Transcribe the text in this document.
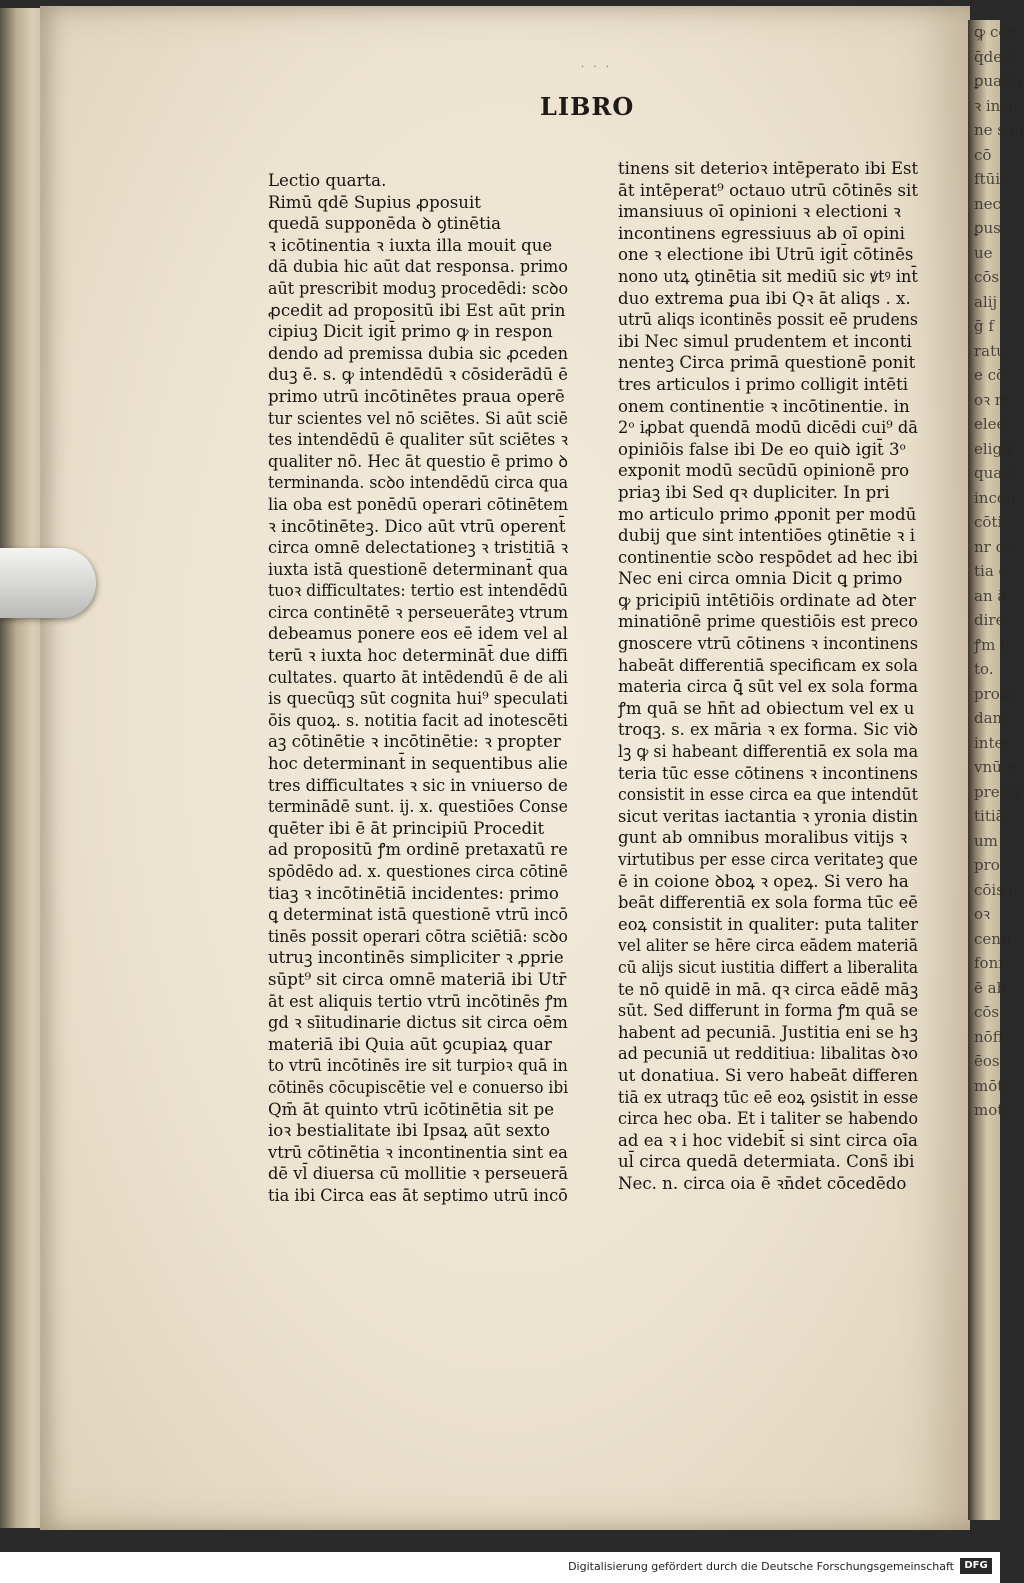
· · ·
LIBRO
Lectio quarta.
Rimū qdē Supius ꝓposuit
quedā supponēda ꝺ ꝯtinētia
ꝛ icōtinentia ꝛ iuxta illa mouit que
dā dubia hic aūt dat responsa. primo
aūt prescribit moduꝫ procedēdi: scꝺo
ꝓcedit ad propositū ibi Est aūt prin
cipiuꝫ Dicit igit̄ primo ꝙ in respon
dendo ad premissa dubia sic ꝓceden
duꝫ ē. s. ꝙ intendēdū ꝛ cōsiderādū ē
primo utrū incōtinētes praua operē
tur scientes vel nō sciētes. Si aūt sciē
tes intendēdū ē qualiter sūt sciētes ꝛ
qualiter nō. Hec āt questio ē primo ꝺ
terminanda. scꝺo intendēdū circa qua
lia oba est ponēdū operari cōtinētem
ꝛ incōtinēteꝫ. Dico aūt vtrū operent̄
circa omnē delectationeꝫ ꝛ tristitiā ꝛ
iuxta istā questionē determinant̄ qua
tuoꝛ difficultates: tertio est intendēdū
circa continētē ꝛ perseuerāteꝫ vtrum
debeamus ponere eos eē idem vel al
terū ꝛ iuxta hoc determināt̄ due diffi
cultates. quarto āt intēdendū ē de ali
is quecūqꝫ sūt cognita hui⁹ speculati
ōis quoꝝ. s. notitia facit ad inotescēti
aꝫ cōtinētie ꝛ incōtinētie: ꝛ propter
hoc determinant̄ in sequentibus alie
tres difficultates ꝛ sic in vniuerso de
terminādē sunt. ij. x. questiōes Conse
quēter ibi ē āt principiū Procedit
ad propositū ꝭm ordinē pretaxatū re
spōdēdo ad. x. questiones circa cōtinē
tiaꝫ ꝛ incōtinētiā incidentes: primo
ꝗ determinat istā questionē vtrū incō
tinēs possit operari cōtra sciētiā: scꝺo
utruꝫ incontinēs simpliciter ꝛ ꝓprie
sūpt⁹ sit circa omnē materiā ibi Utr̄
āt est aliquis tertio vtrū incōtinēs ꝭm
gd ꝛ sīitudinarie dictus sit circa oēm
materiā ibi Quia aūt ꝯcupiaꝝ quar
to vtrū incōtinēs ire sit turpioꝛ quā in
cōtinēs cōcupiscētie vel e conuerso ibi
Qm̄ āt quinto vtrū icōtinētia sit pe
ioꝛ bestialitate ibi Ipsaꝝ aūt sexto
vtrū cōtinētia ꝛ incontinentia sint ea
dē vl̄ diuersa cū mollitie ꝛ perseuerā
tia ibi Circa eas āt septimo utrū incō
tinens sit deterioꝛ intēperato ibi Est
āt intēperat⁹ octauo utrū cōtinēs sit
imansiuus oī opinioni ꝛ electioni ꝛ
incontinens egressiuus ab oī opini
one ꝛ electione ibi Utrū igit̄ cōtinēs
nono utꝝ ꝯtinētia sit mediū sic ꝟtꝰ int̄
duo extrema ꝑua ibi Qꝛ āt aliqs . x.
utrū aliqs icontinēs possit eē prudens
ibi Nec simul prudentem et inconti
nenteꝫ Circa primā questionē ponit
tres articulos i primo colligit intēti
onem continentie ꝛ incōtinentie. in
2ᵒ iꝓbat quendā modū dicēdi cui⁹ dā
opiniōis false ibi De eo quiꝺ igit̄ 3ᵒ
exponit modū secūdū opinionē pro
priaꝫ ibi Sed qꝛ dupliciter. In pri
mo articulo primo ꝓponit per modū
dubij que sint intentiōes ꝯtinētie ꝛ i
continentie scꝺo respōdet ad hec ibi
Nec eni circa omnia Dicit ꝗ primo
ꝙ pricipiū intētiōis ordinate ad ꝺter
minatiōnē prime questiōis est preco
gnoscere vtrū cōtinens ꝛ incontinens
habeāt differentiā specificam ex sola
materia circa ꝗ̄ sūt vel ex sola forma
ꝭm quā se hn̄t ad obiectum vel ex u
troqꝫ. s. ex māria ꝛ ex forma. Sic viꝺ
lꝫ ꝙ si habeant differentiā ex sola ma
teria tūc esse cōtinens ꝛ incontinens
consistit in esse circa ea que intendūt
sicut veritas iactantia ꝛ yronia distin
gunt ab omnibus moralibus vitijs ꝛ
virtutibus per esse circa veritateꝫ que
ē in coione ꝺboꝝ ꝛ opeꝝ. Si vero ha
beāt differentiā ex sola forma tūc eē
eoꝝ consistit in qualiter: puta taliter
vel aliter se hēre circa eādem materiā
cū alijs sicut iustitia differt a liberalita
te nō quidē in mā. qꝛ circa eādē māꝫ
sūt. Sed differunt in forma ꝭm quā se
habent ad pecuniā. Justitia eni se hꝫ
ad pecuniā ut redditiua: libalitas ꝺꝛo
ut donatiua. Si vero habeāt differen
tiā ex utraqꝫ tūc eē eoꝝ ꝯsistit in esse
circa hec oba. Et i taliter se habendo
ad ea ꝛ i hoc videbit̄ si sint circa oīa
ul̄ circa quedā determiata. Cons̄ ibi
Nec. n. circa oia ē ꝛn̄det cōcedēdo
ꝙ cōn
q̄dem
ꝑuatio
ꝛ inco
ne sim
cō
ftūit
nec
ꝑus
ue
cōs
alij
ḡ f
ratu
e cō
oꝛ m
eleet
eligit
quare
incon
cōti
nr cō
tia e
an ā
dire
ꝭm h
to.
proba
dam o
inter
vnū e
preter
titiā
um
pro
cōis q
oꝛ
cenfi
foni
ē ab
cōs
nōfi
ēos
mōtr
mote
Digitalisierung gefördert durch die Deutsche Forschungsgemeinschaft	DFG
